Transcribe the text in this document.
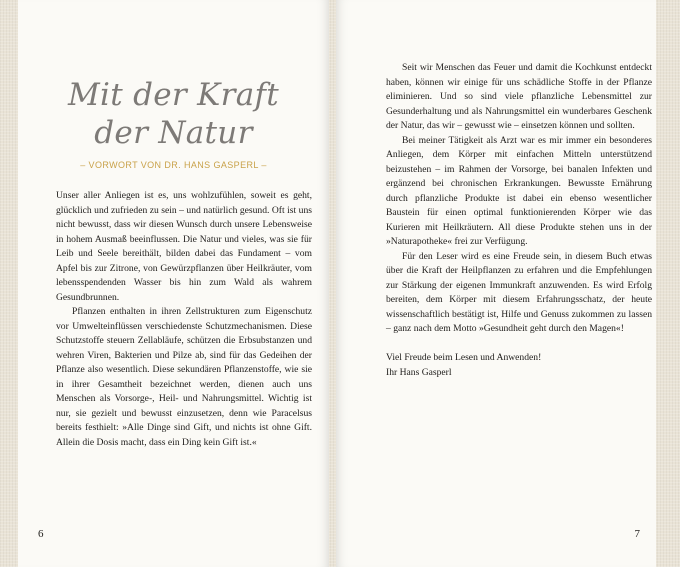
Mit der Kraft
der Natur

– VORWORT VON DR. HANS GASPERL –

Unser aller Anliegen ist es, uns wohlzufühlen, soweit es geht, glücklich und zufrieden zu sein – und natürlich gesund. Oft ist uns nicht bewusst, dass wir diesen Wunsch durch unsere Lebensweise in hohem Ausmaß beeinflussen. Die Natur und vieles, was sie für Leib und Seele bereithält, bilden dabei das Fundament – vom Apfel bis zur Zitrone, von Gewürzpflanzen über Heilkräuter, vom lebensspendenden Wasser bis hin zum Wald als wahrem Gesundbrunnen.

Pflanzen enthalten in ihren Zellstrukturen zum Eigenschutz vor Umwelteinflüssen verschiedenste Schutzmechanismen. Diese Schutzstoffe steuern Zellabläufe, schützen die Erbsubstanzen und wehren Viren, Bakterien und Pilze ab, sind für das Gedeihen der Pflanze also wesentlich. Diese sekundären Pflanzenstoffe, wie sie in ihrer Gesamtheit bezeichnet werden, dienen auch uns Menschen als Vorsorge-, Heil- und Nahrungsmittel. Wichtig ist nur, sie gezielt und bewusst einzusetzen, denn wie Paracelsus bereits festhielt: »Alle Dinge sind Gift, und nichts ist ohne Gift. Allein die Dosis macht, dass ein Ding kein Gift ist.«

Seit wir Menschen das Feuer und damit die Kochkunst entdeckt haben, können wir einige für uns schädliche Stoffe in der Pflanze eliminieren. Und so sind viele pflanzliche Lebensmittel zur Gesunderhaltung und als Nahrungsmittel ein wunderbares Geschenk der Natur, das wir – gewusst wie – einsetzen können und sollten.

Bei meiner Tätigkeit als Arzt war es mir immer ein besonderes Anliegen, dem Körper mit einfachen Mitteln unterstützend beizustehen – im Rahmen der Vorsorge, bei banalen Infekten und ergänzend bei chronischen Erkrankungen. Bewusste Ernährung durch pflanzliche Produkte ist dabei ein ebenso wesentlicher Baustein für einen optimal funktionierenden Körper wie das Kurieren mit Heilkräutern. All diese Produkte stehen uns in der »Naturapotheke« frei zur Verfügung.

Für den Leser wird es eine Freude sein, in diesem Buch etwas über die Kraft der Heilpflanzen zu erfahren und die Empfehlungen zur Stärkung der eigenen Immunkraft anzuwenden. Es wird Erfolg bereiten, dem Körper mit diesem Erfahrungsschatz, der heute wissenschaftlich bestätigt ist, Hilfe und Genuss zukommen zu lassen – ganz nach dem Motto »Gesundheit geht durch den Magen«!

Viel Freude beim Lesen und Anwenden!

Ihr Hans Gasperl

6	7
